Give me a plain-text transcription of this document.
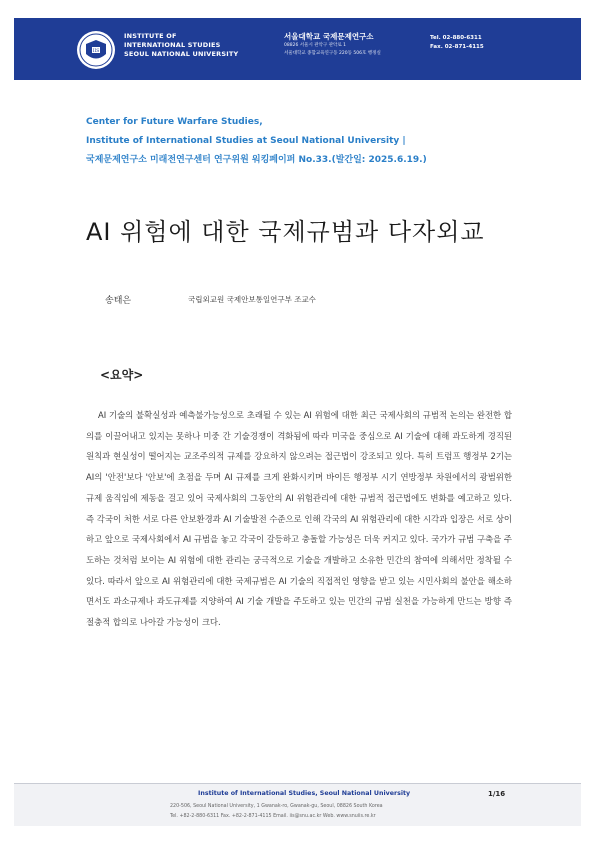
IIS
INSTITUTE OF
INTERNATIONAL STUDIES
SEOUL NATIONAL UNIVERSITY
서울대학교 국제문제연구소
08826 서울시 관악구 관악로 1
서울대학교 종합교육연구동 220동 506호 행정실
Tel. 02-880-6311
Fax. 02-871-4115
Center for Future Warfare Studies,
Institute of International Studies at Seoul National University |
국제문제연구소 미래전연구센터 연구위원 워킹페이퍼 No.33.(발간일: 2025.6.19.)
AI 위험에 대한 국제규범과 다자외교
송태은	국립외교원 국제안보통일연구부 조교수
<요약>

AI 기술의 불확실성과 예측불가능성으로 초래될 수 있는 AI 위험에 대한 최근 국제사회의 규범적 논의는 완전한 합의를 이끌어내고 있지는 못하나 미중 간 기술경쟁이 격화됨에 따라 미국을 중심으로 AI 기술에 대해 과도하게 경직된 원칙과 현실성이 떨어지는 교조주의적 규제를 강요하지 않으려는 접근법이 강조되고 있다. 특히 트럼프 행정부 2기는 AI의 '안전'보다 '안보'에 초점을 두며 AI 규제를 크게 완화시키며 바이든 행정부 시기 연방정부 차원에서의 광범위한 규제 움직임에 제동을 걸고 있어 국제사회의 그동안의 AI 위험관리에 대한 규범적 접근법에도 변화를 예고하고 있다. 즉 각국이 처한 서로 다른 안보환경과 AI 기술발전 수준으로 인해 각국의 AI 위험관리에 대한 시각과 입장은 서로 상이하고 앞으로 국제사회에서 AI 규범을 놓고 각국이 갈등하고 충돌할 가능성은 더욱 커지고 있다. 국가가 규범 구축을 주도하는 것처럼 보이는 AI 위험에 대한 관리는 궁극적으로 기술을 개발하고 소유한 민간의 참여에 의해서만 정착될 수 있다. 따라서 앞으로 AI 위험관리에 대한 국제규범은 AI 기술의 직접적인 영향을 받고 있는 시민사회의 불안을 해소하면서도 과소규제나 과도규제를 지양하여 AI 기술 개발을 주도하고 있는 민간의 규범 실천을 가능하게 만드는 방향 즉 절충적 합의로 나아갈 가능성이 크다.

Institute of International Studies, Seoul National University	1/16
220-506, Seoul National University, 1 Gwanak-ro, Gwanak-gu, Seoul, 08826 South Korea
Tel. +82-2-880-6311 Fax. +82-2-871-4115 Email. iis@snu.ac.kr Web. www.snuiis.re.kr
